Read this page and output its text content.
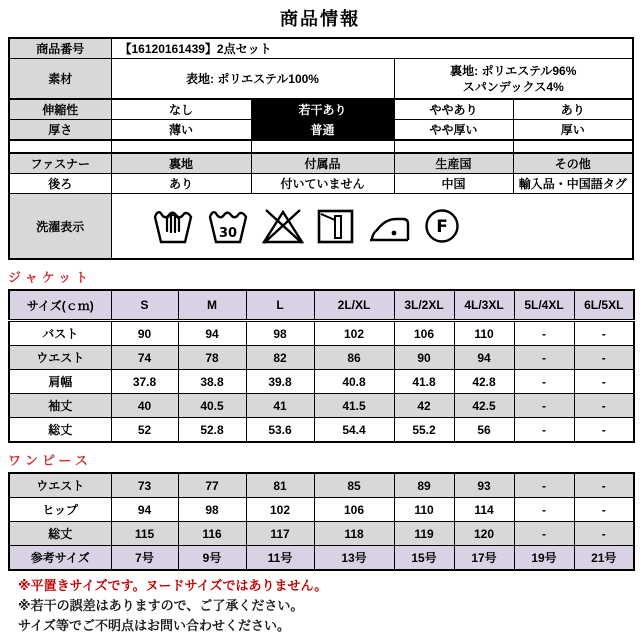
商品情報
商品番号	【16120161439】2点セット			
素材	表地: ポリエステル100%		裏地: ポリエステル96%
スパンデックス4%	

伸縮性	なし	若干あり	ややあり	あり
厚さ	薄い	普通	やや厚い	厚い

ファスナー	裏地	付属品	生産国	その他
後ろ	あり	付いていません	中国	輸入品・中国語タグ
洗濯表示	30 F			
ジャケット
サイズ(ｃｍ)	S	M	L	2L/XL	3L/2XL	4L/3XL	5L/4XL	6L/5XL
バスト	90	94	98	102	106	110	-	-
ウエスト	74	78	82	86	90	94	-	-
肩幅	37.8	38.8	39.8	40.8	41.8	42.8	-	-
袖丈	40	40.5	41	41.5	42	42.5	-	-
総丈	52	52.8	53.6	54.4	55.2	56	-	-
ワンピース
ウエスト	73	77	81	85	89	93	-	-
ヒップ	94	98	102	106	110	114	-	-
総丈	115	116	117	118	119	120	-	-
参考サイズ	7号	9号	11号	13号	15号	17号	19号	21号
※平置きサイズです。ヌードサイズではありません。
※若干の誤差はありますので、ご了承ください。
サイズ等でご不明点はお問い合わせください。
